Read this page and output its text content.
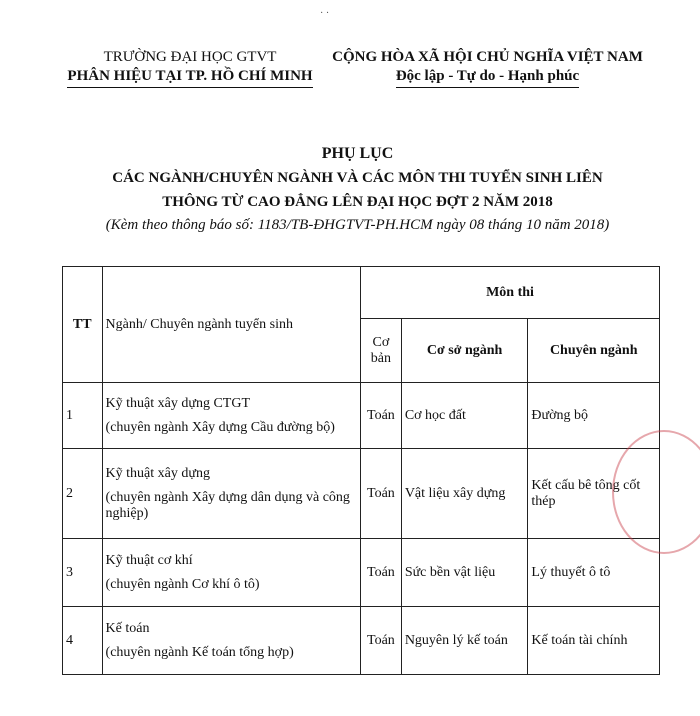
· ·
TRƯỜNG ĐẠI HỌC GTVT
PHÂN HIỆU TẠI TP. HỒ CHÍ MINH
CỘNG HÒA XÃ HỘI CHỦ NGHĨA VIỆT NAM
Độc lập - Tự do - Hạnh phúc
PHỤ LỤC
CÁC NGÀNH/CHUYÊN NGÀNH VÀ CÁC MÔN THI TUYỂN SINH LIÊN
THÔNG TỪ CAO ĐẲNG LÊN ĐẠI HỌC ĐỢT 2 NĂM 2018
(Kèm theo thông báo số: 1183/TB-ĐHGTVT-PH.HCM ngày 08 tháng 10 năm 2018)
TT	Ngành/ Chuyên ngành tuyển sinh	Môn thi		
		Cơ bản	Cơ sở ngành	Chuyên ngành
1	Kỹ thuật xây dựng CTGT
(chuyên ngành Xây dựng Cầu đường bộ)	Toán	Cơ học đất	Đường bộ
2	Kỹ thuật xây dựng
(chuyên ngành Xây dựng dân dụng và công nghiệp)	Toán	Vật liệu xây dựng	Kết cấu bê tông cốt thép
3	Kỹ thuật cơ khí
(chuyên ngành Cơ khí ô tô)	Toán	Sức bền vật liệu	Lý thuyết ô tô
4	Kế toán
(chuyên ngành Kế toán tổng hợp)	Toán	Nguyên lý kế toán	Kế toán tài chính
